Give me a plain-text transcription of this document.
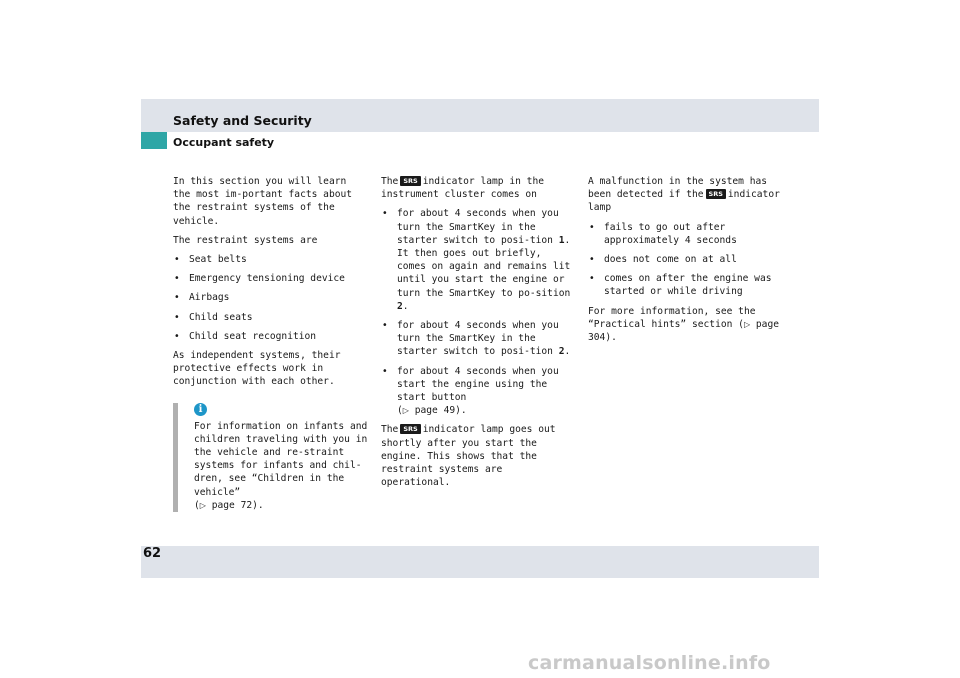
Safety and Security
Occupant safety

In this section you will learn the most im-portant facts about the restraint systems of the vehicle.

The restraint systems are

• Seat belts
• Emergency tensioning device
• Airbags
• Child seats
• Child seat recognition

As independent systems, their protective effects work in conjunction with each other.

i
For information on infants and children traveling with you in the vehicle and re-straint systems for infants and chil-dren, see “Children in the vehicle”
(▷ page 72).

The SRS indicator lamp in the instrument cluster comes on

• for about 4 seconds when you turn the SmartKey in the starter switch to posi-tion 1. It then goes out briefly, comes on again and remains lit until you start the engine or turn the SmartKey to po-sition 2.
• for about 4 seconds when you turn the SmartKey in the starter switch to posi-tion 2.
• for about 4 seconds when you start the engine using the start button
(▷ page 49).

The SRS indicator lamp goes out shortly after you start the engine. This shows that the restraint systems are operational.

A malfunction in the system has been detected if the SRS indicator lamp

• fails to go out after approximately 4 seconds
• does not come on at all
• comes on after the engine was started or while driving

For more information, see the “Practical hints” section (▷ page 304).

62
carmanualsonline.info
